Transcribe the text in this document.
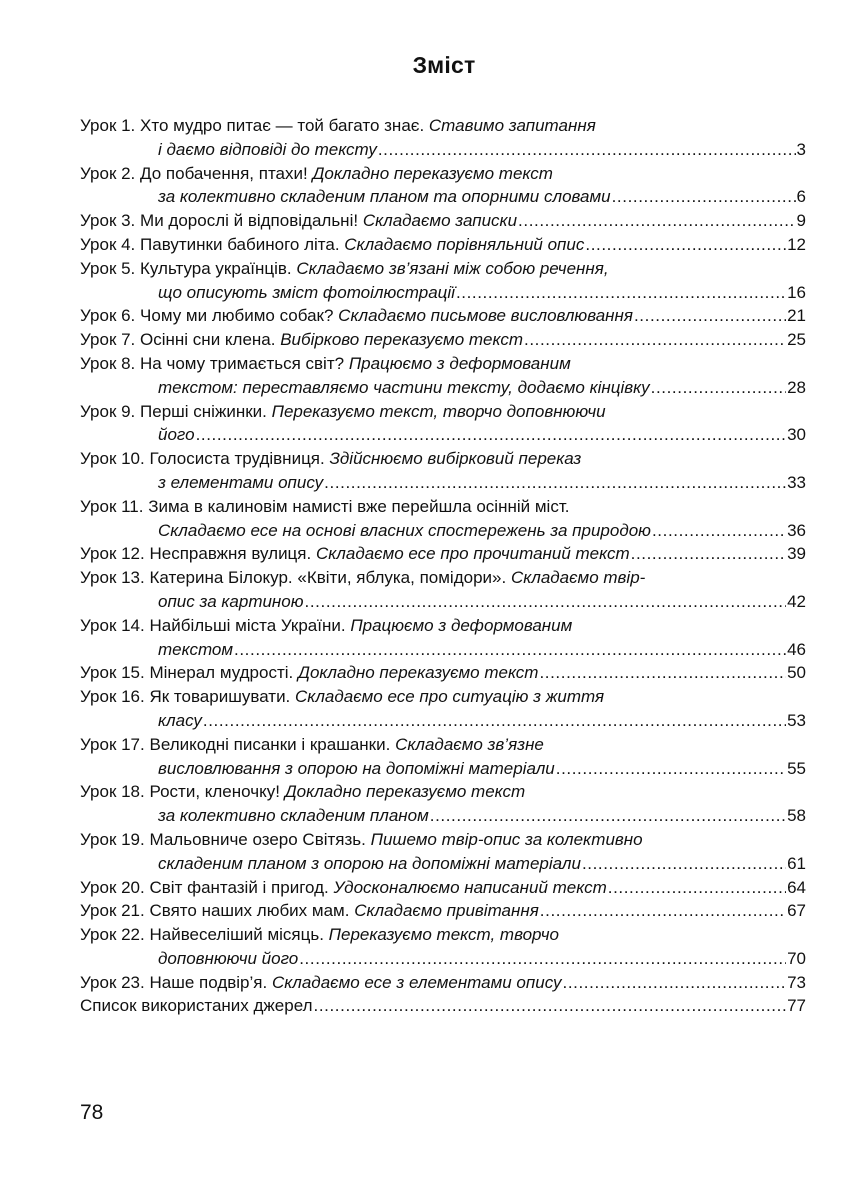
Зміст
Урок 1. Хто мудро питає — той багато знає. Ставимо запитання
і даємо відповіді до тексту .....	3
Урок 2. До побачення, птахи! Докладно переказуємо текст
за колективно складеним планом та опорними словами .....	6
Урок 3. Ми дорослі й відповідальні! Складаємо записки .....	9
Урок 4. Павутинки бабиного літа. Складаємо порівняльний опис .....	12
Урок 5. Культура українців. Складаємо зв’язані між собою речення,
що описують зміст фотоілюстрації .....	16
Урок 6. Чому ми любимо собак? Складаємо письмове висловлювання .....	21
Урок 7. Осінні сни клена. Вибірково переказуємо текст .....	25
Урок 8. На чому тримається світ? Працюємо з деформованим
текстом: переставляємо частини тексту, додаємо кінцівку .....	28
Урок 9. Перші сніжинки. Переказуємо текст, творчо доповнюючи
його .....	30
Урок 10. Голосиста трудівниця. Здійснюємо вибірковий переказ
з елементами опису .....	33
Урок 11. Зима в калиновім намисті вже перейшла осінній міст.
Складаємо есе на основі власних спостережень за природою .....	36
Урок 12. Несправжня вулиця. Складаємо есе про прочитаний текст .....	39
Урок 13. Катерина Білокур. «Квіти, яблука, помідори». Складаємо твір-
опис за картиною .....	42
Урок 14. Найбільші міста України. Працюємо з деформованим
текстом .....	46
Урок 15. Мінерал мудрості. Докладно переказуємо текст .....	50
Урок 16. Як товаришувати. Складаємо есе про ситуацію з життя
класу .....	53
Урок 17. Великодні писанки і крашанки. Складаємо зв’язне
висловлювання з опорою на допоміжні матеріали .....	55
Урок 18. Рости, кленочку! Докладно переказуємо текст
за колективно складеним планом .....	58
Урок 19. Мальовниче озеро Світязь. Пишемо твір-опис за колективно
складеним планом з опорою на допоміжні матеріали .....	61
Урок 20. Світ фантазій і пригод. Удосконалюємо написаний текст .....	64
Урок 21. Свято наших любих мам. Складаємо привітання .....	67
Урок 22. Найвеселіший місяць. Переказуємо текст, творчо
доповнюючи його .....	70
Урок 23. Наше подвір’я. Складаємо есе з елементами опису .....	73
Список використаних джерел .....	77
78
